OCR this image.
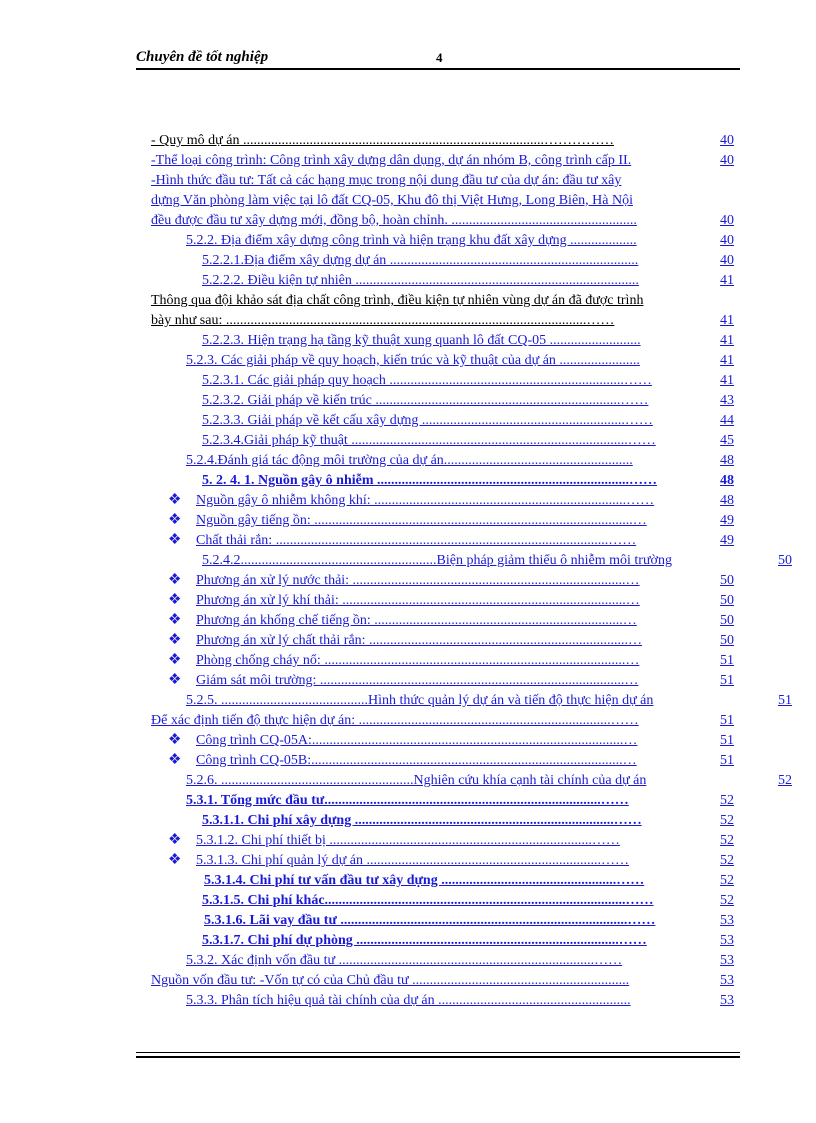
Chuyên đề tốt nghiệp	4
- Quy mô dự án ......................................................................................……………	40
-Thể loại công trình: Công trình xây dựng dân dụng, dự án nhóm B, công trình cấp II.	40
-Hình thức đầu tư: Tất cả các hạng mục trong nội dung đầu tư của dự án: đầu tư xây
dựng Văn phòng làm việc tại lô đất CQ-05, Khu đô thị Việt Hưng, Long Biên, Hà Nội
đều được đầu tư xây dựng mới, đồng bộ, hoàn chỉnh. .....................................................	40
5.2.2. Địa điểm xây dựng công trình và hiện trạng khu đất xây dựng ...................	40
5.2.2.1.Địa điểm xây dựng dự án .......................................................................	40
5.2.2.2. Điều kiện tự nhiên .................................................................................	41
Thông qua đội khảo sát địa chất công trình, điều kiện tự nhiên vùng dự án đã được trình
bày như sau: .......................................................................................................……	41
5.2.2.3. Hiện trạng hạ tầng kỹ thuật xung quanh lô đất CQ-05 ..........................	41
5.2.3. Các giải pháp về quy hoạch, kiến trúc và kỹ thuật của dự án .......................	41
5.2.3.1. Các giải pháp quy hoạch ...................................................................……	41
5.2.3.2. Giải pháp về kiến trúc ......................................................................……	43
5.2.3.3. Giải pháp về kết cấu xây dựng ..........................................................……	44
5.2.3.4.Giải pháp kỹ thuật ...............................................................................……	45
5.2.4.Đánh giá tác động môi trường của dự án......................................................	48
5. 2. 4. 1. Nguồn gây ô nhiễm ........................................................................……	48
❖ Nguồn gây ô nhiễm không khí: ........................................................................……	48
❖ Nguồn gây tiếng ồn: ...........................................................................................…	49
❖ Chất thải rắn: ...............................................................................................……	49
5.2.4.2........................................................Biện pháp giảm thiểu ô nhiễm môi trường	50
❖ Phương án xử lý nước thải: ..............................................................................…	50
❖ Phương án xử lý khí thải: .................................................................................…	50
❖ Phương án khống chế tiếng ồn: .......................................................................…	50
❖ Phương án xử lý chất thải rắn: ..........................................................................…	50
❖ Phòng chống cháy nổ: ......................................................................................…	51
❖ Giám sát môi trường: .......................................................................................…	51
5.2.5. ..........................................Hình thức quản lý dự án và tiến độ thực hiện dự án	51
Để xác định tiến độ thực hiện dự án: ........................................................................……	51
❖ Công trình CQ-05A:.........................................................................................…	51
❖ Công trình CQ-05B:.........................................................................................…	51
5.2.6. .......................................................Nghiên cứu khía cạnh tài chính của dự án	52
5.3.1. Tổng mức đầu tư...............................................................................……	52
5.3.1.1. Chi phí xây dựng ..........................................................................……	52
❖ 5.3.1.2. Chi phí thiết bị ...........................................................................……	52
❖ 5.3.1.3. Chi phí quản lý dự án ...................................................................……	52
5.3.1.4. Chi phí tư vấn đầu tư xây dựng ..................................................……	52
5.3.1.5. Chi phí khác......................................................................................……	52
5.3.1.6. Lãi vay đầu tư ..................................................................................……	53
5.3.1.7. Chi phí dự phòng ...........................................................................……	53
5.3.2. Xác định vốn đầu tư .........................................................................……	53
Nguồn vốn đầu tư: -Vốn tự có của Chủ đầu tư ..............................................................	53
5.3.3. Phân tích hiệu quả tài chính của dự án .......................................................	53
